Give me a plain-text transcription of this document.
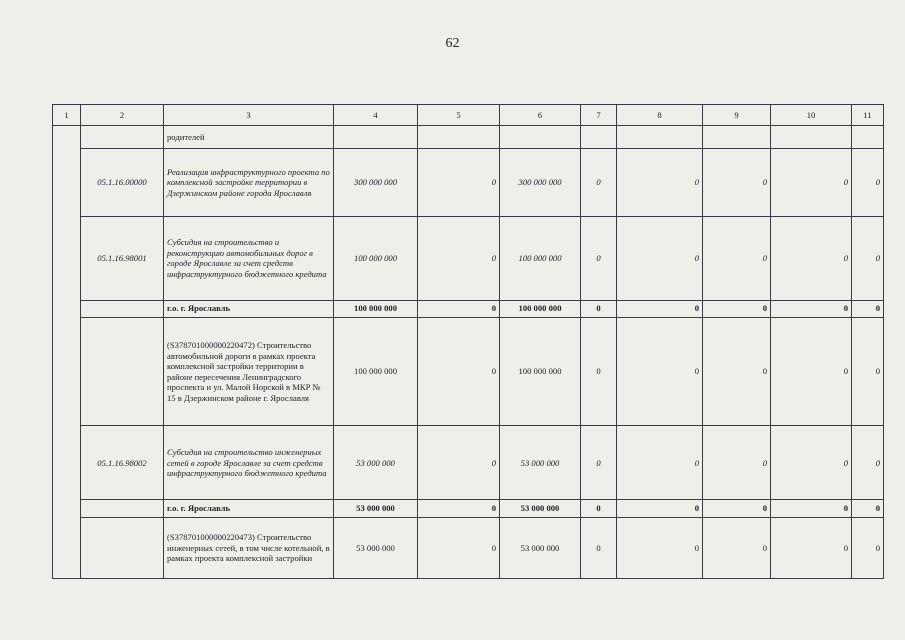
62
1	2	3	4	5	6	7	8	9	10	11
		родителей								
	05.1.16.00000	Реализация инфраструктурного проекта по комплексной застройке территории в Дзержинском районе города Ярославля	300 000 000	0	300 000 000	0	0	0	0	0
	05.1.16.98001	Субсидия на строительство и реконструкцию автомобильных дорог в городе Ярославле за счет средств инфраструктурного бюджетного кредита	100 000 000	0	100 000 000	0	0	0	0	0
		г.о. г. Ярославль	100 000 000	0	100 000 000	0	0	0	0	0
		(S378701000000220472) Строительство автомобильной дороги в рамках проекта комплексной застройки территории в районе пересечения Ленинградского проспекта и ул. Малой Норской в МКР № 15 в Дзержинском районе г. Ярославля	100 000 000	0	100 000 000	0	0	0	0	0
	05.1.16.98002	Субсидия на строительство инженерных сетей в городе Ярославле за счет средств инфраструктурного бюджетного кредита	53 000 000	0	53 000 000	0	0	0	0	0
		г.о. г. Ярославль	53 000 000	0	53 000 000	0	0	0	0	0
		(S378701000000220473) Строительство инженерных сетей, в том числе котельной, в рамках проекта комплексной застройки	53 000 000	0	53 000 000	0	0	0	0	0
